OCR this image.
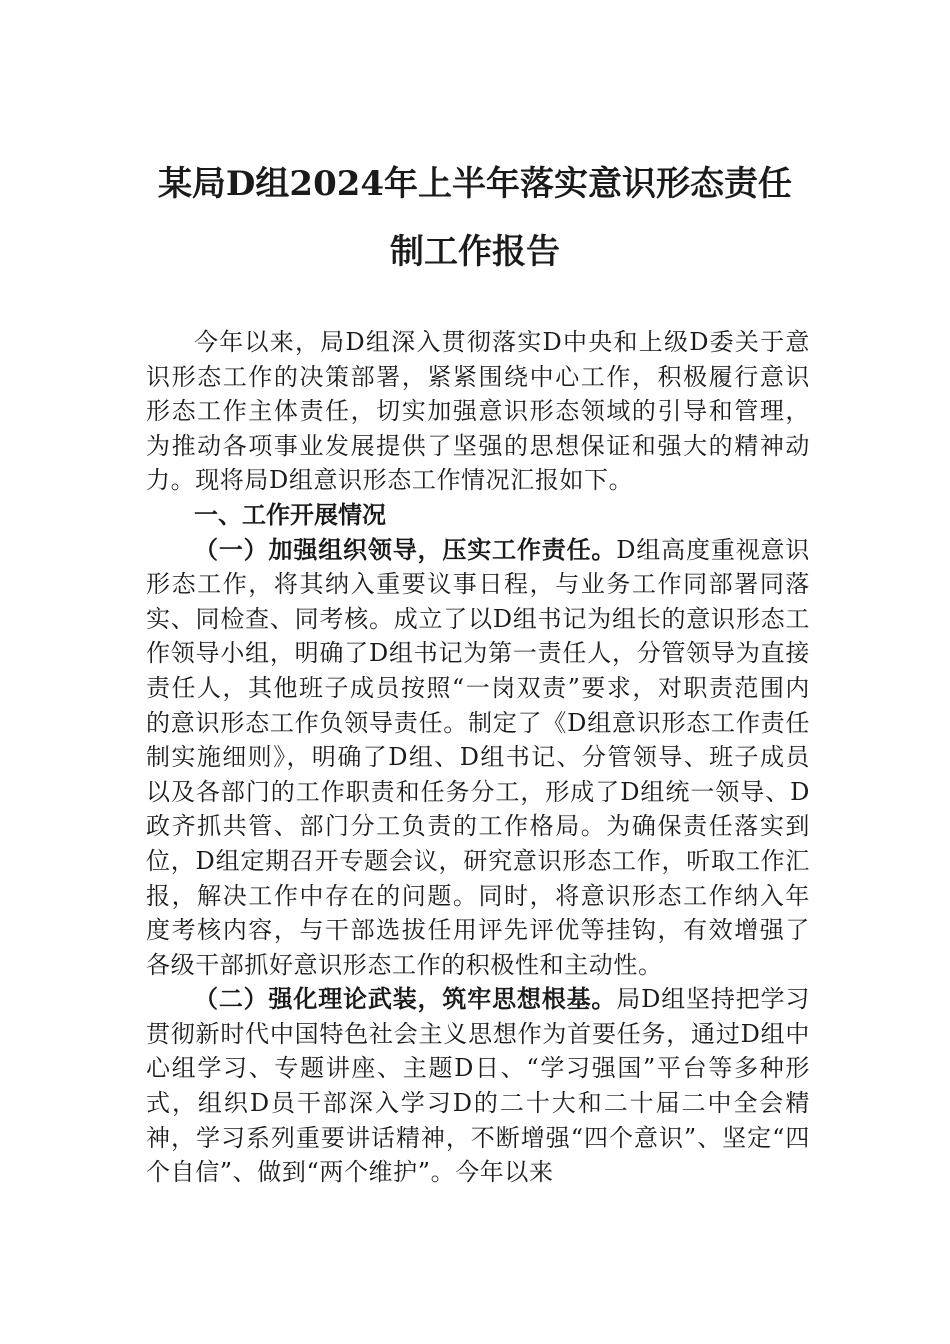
某局D组2024年上半年落实意识形态责任
制工作报告

今年以来，局D组深入贯彻落实D中央和上级D委关于意识形态工作的决策部署，紧紧围绕中心工作，积极履行意识形态工作主体责任，切实加强意识形态领域的引导和管理，为推动各项事业发展提供了坚强的思想保证和强大的精神动力。现将局D组意识形态工作情况汇报如下。

一、工作开展情况

（一）加强组织领导，压实工作责任。D组高度重视意识形态工作，将其纳入重要议事日程，与业务工作同部署同落实、同检查、同考核。成立了以D组书记为组长的意识形态工作领导小组，明确了D组书记为第一责任人，分管领导为直接责任人，其他班子成员按照“一岗双责”要求，对职责范围内的意识形态工作负领导责任。制定了《D组意识形态工作责任制实施细则》，明确了D组、D组书记、分管领导、班子成员以及各部门的工作职责和任务分工，形成了D组统一领导、D政齐抓共管、部门分工负责的工作格局。为确保责任落实到位，D组定期召开专题会议，研究意识形态工作，听取工作汇报，解决工作中存在的问题。同时，将意识形态工作纳入年度考核内容，与干部选拔任用评先评优等挂钩，有效增强了各级干部抓好意识形态工作的积极性和主动性。

（二）强化理论武装，筑牢思想根基。局D组坚持把学习贯彻新时代中国特色社会主义思想作为首要任务，通过D组中心组学习、专题讲座、主题D日、“学习强国”平台等多种形式，组织D员干部深入学习D的二十大和二十届二中全会精神，学习系列重要讲话精神，不断增强“四个意识”、坚定“四个自信”、做到“两个维护”。今年以来
